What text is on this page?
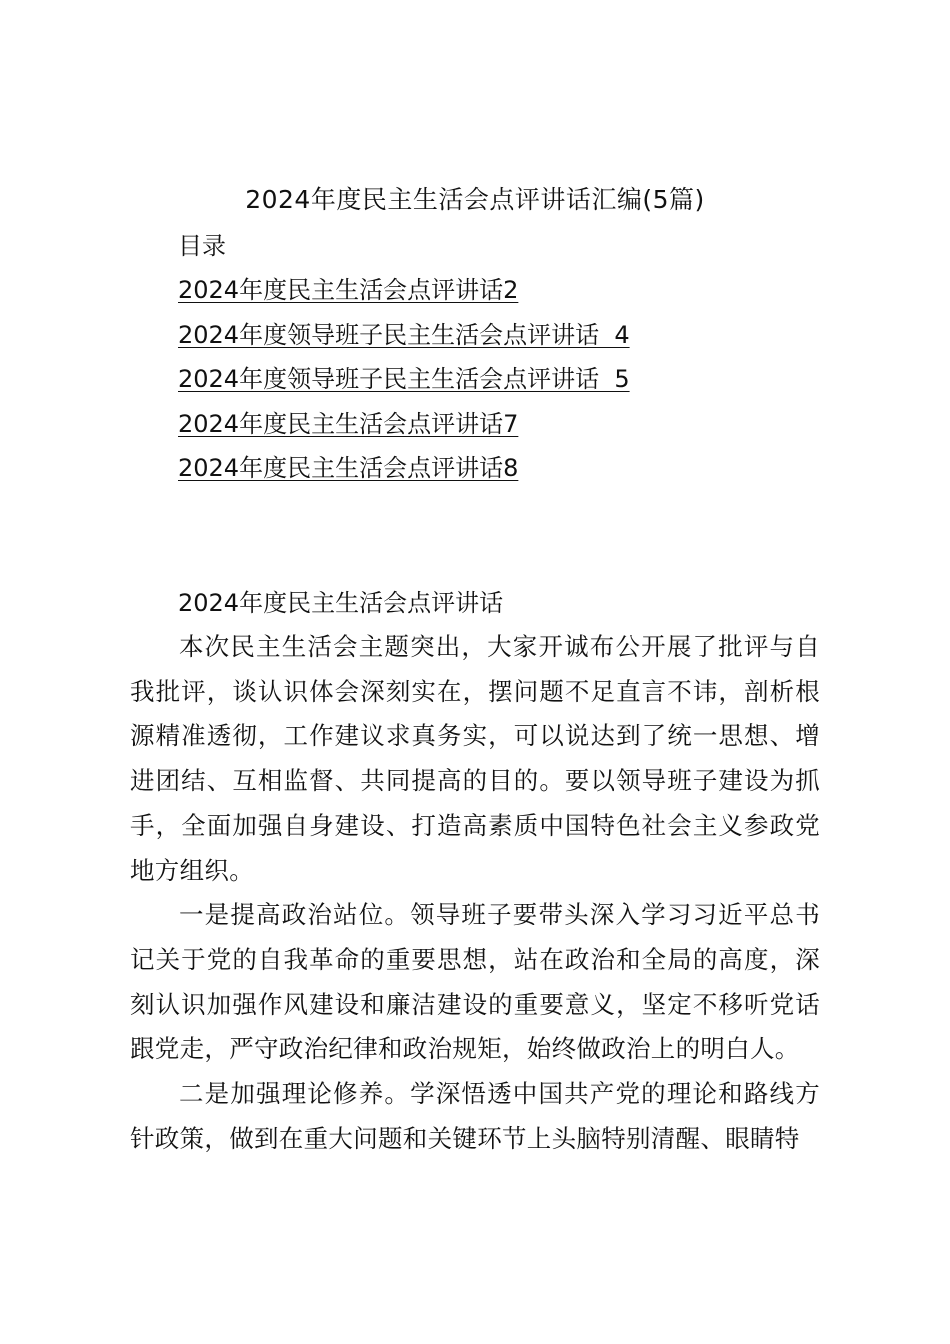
2024年度民主生活会点评讲话汇编(5篇)
目录
2024年度民主生活会点评讲话2
2024年度领导班子民主生活会点评讲话  4
2024年度领导班子民主生活会点评讲话  5
2024年度民主生活会点评讲话7
2024年度民主生活会点评讲话8
2024年度民主生活会点评讲话

本次民主生活会主题突出，大家开诚布公开展了批评与自我批评，谈认识体会深刻实在，摆问题不足直言不讳，剖析根源精准透彻，工作建议求真务实，可以说达到了统一思想、增进团结、互相监督、共同提高的目的。要以领导班子建设为抓手，全面加强自身建设、打造高素质中国特色社会主义参政党地方组织。

一是提高政治站位。领导班子要带头深入学习习近平总书记关于党的自我革命的重要思想，站在政治和全局的高度，深刻认识加强作风建设和廉洁建设的重要意义，坚定不移听党话跟党走，严守政治纪律和政治规矩，始终做政治上的明白人。

二是加强理论修养。学深悟透中国共产党的理论和路线方针政策，做到在重大问题和关键环节上头脑特别清醒、眼睛特
